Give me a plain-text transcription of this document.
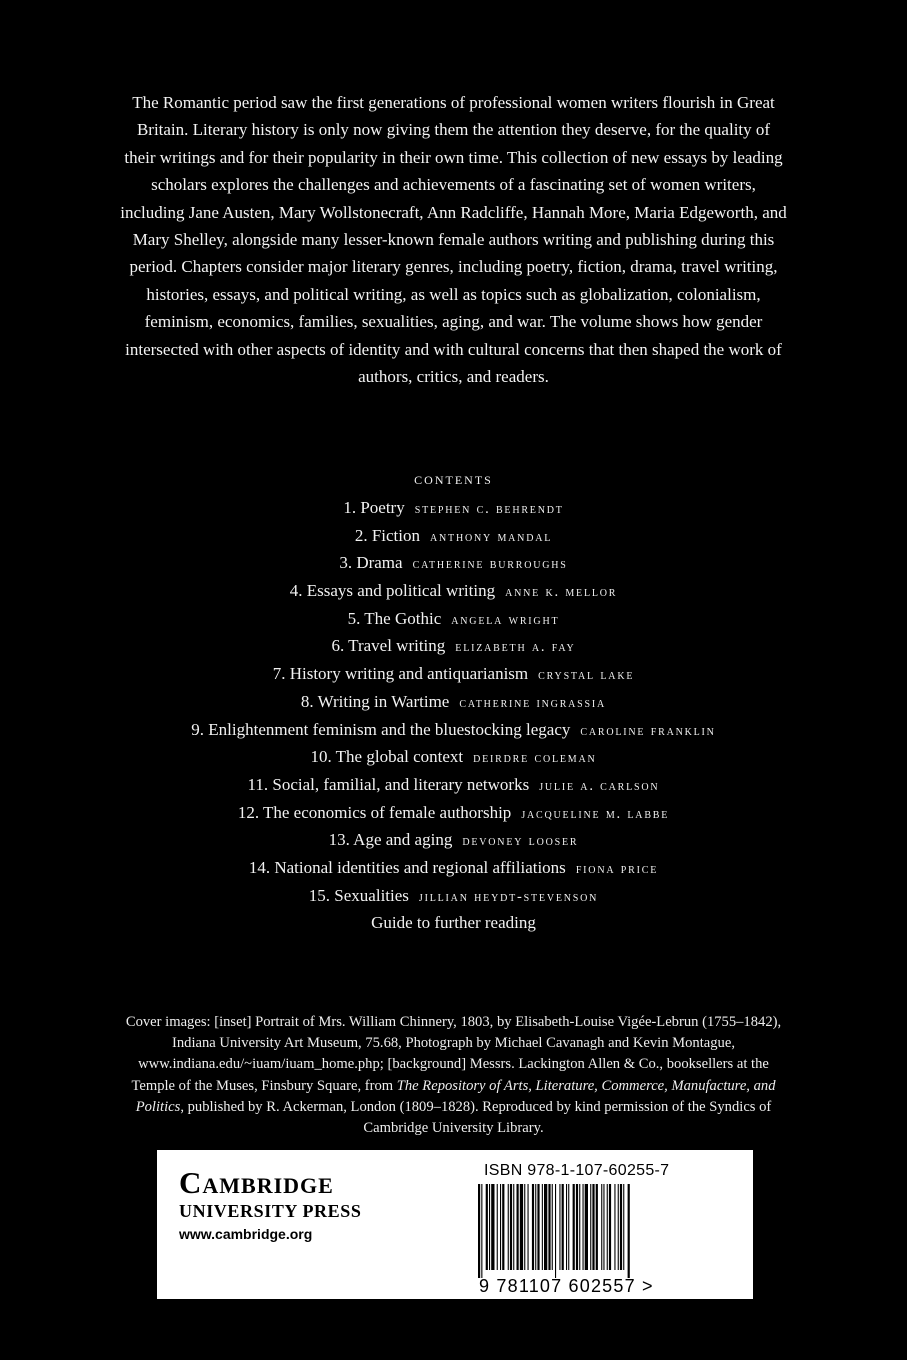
The Romantic period saw the first generations of professional women writers flourish in Great Britain. Literary history is only now giving them the attention they deserve, for the quality of their writings and for their popularity in their own time. This collection of new essays by leading scholars explores the challenges and achievements of a fascinating set of women writers, including Jane Austen, Mary Wollstonecraft, Ann Radcliffe, Hannah More, Maria Edgeworth, and Mary Shelley, alongside many lesser-known female authors writing and publishing during this period. Chapters consider major literary genres, including poetry, fiction, drama, travel writing, histories, essays, and political writing, as well as topics such as globalization, colonialism, feminism, economics, families, sexualities, aging, and war. The volume shows how gender intersected with other aspects of identity and with cultural concerns that then shaped the work of authors, critics, and readers.
contents
1. Poetry stephen c. behrendt
2. Fiction anthony mandal
3. Drama catherine burroughs
4. Essays and political writing anne k. mellor
5. The Gothic angela wright
6. Travel writing elizabeth a. fay
7. History writing and antiquarianism crystal lake
8. Writing in Wartime catherine ingrassia
9. Enlightenment feminism and the bluestocking legacy caroline franklin
10. The global context deirdre coleman
11. Social, familial, and literary networks julie a. carlson
12. The economics of female authorship jacqueline m. labbe
13. Age and aging devoney looser
14. National identities and regional affiliations fiona price
15. Sexualities jillian heydt-stevenson
Guide to further reading
Cover images: [inset] Portrait of Mrs. William Chinnery, 1803, by Elisabeth-Louise Vigée-Lebrun (1755–1842), Indiana University Art Museum, 75.68, Photograph by Michael Cavanagh and Kevin Montague, www.indiana.edu/~iuam/iuam_home.php; [background] Messrs. Lackington Allen & Co., booksellers at the Temple of the Muses, Finsbury Square, from The Repository of Arts, Literature, Commerce, Manufacture, and Politics, published by R. Ackerman, London (1809–1828). Reproduced by kind permission of the Syndics of Cambridge University Library.
Cambridge
UNIVERSITY PRESS
www.cambridge.org
ISBN 978-1-107-60255-7
9 781107 602557 >
